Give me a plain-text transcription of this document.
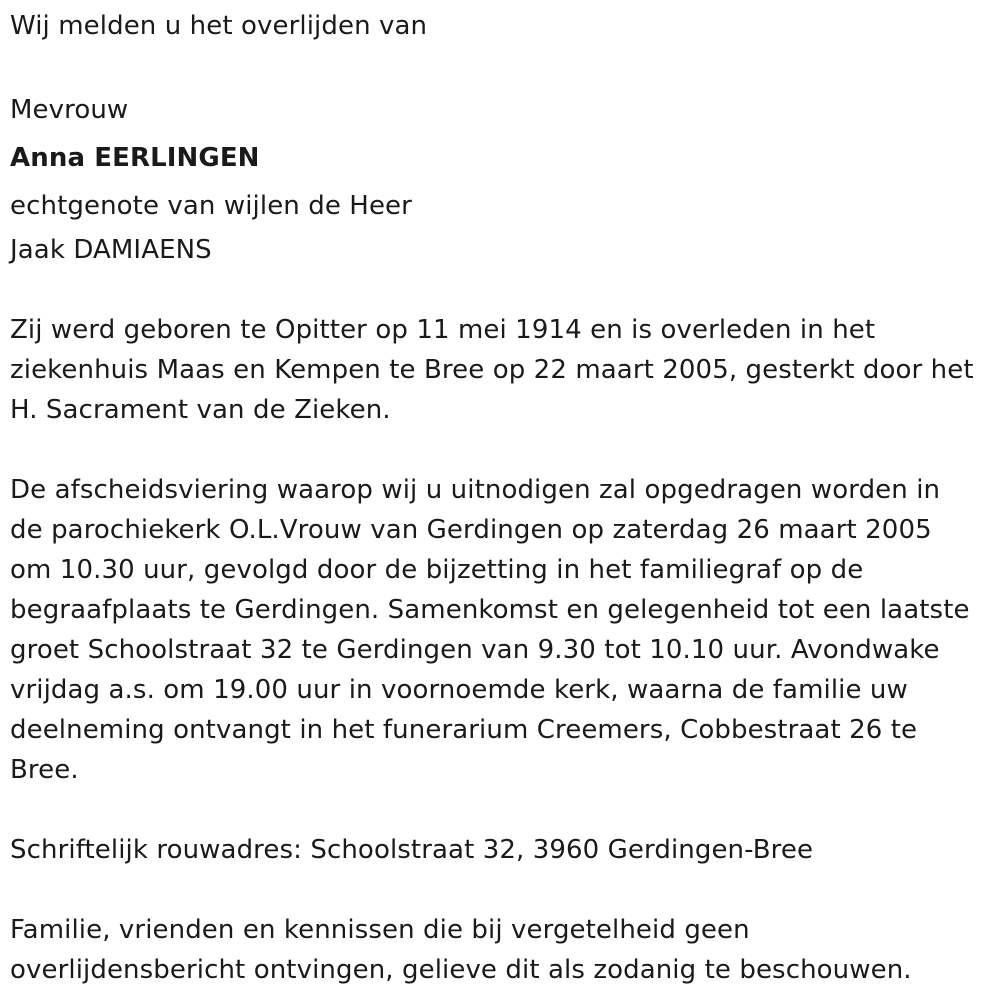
Wij melden u het overlijden van
Mevrouw
Anna EERLINGEN
echtgenote van wijlen de Heer
Jaak DAMIAENS
Zij werd geboren te Opitter op 11 mei 1914 en is overleden in het
ziekenhuis Maas en Kempen te Bree op 22 maart 2005, gesterkt door het
H. Sacrament van de Zieken.
De afscheidsviering waarop wij u uitnodigen zal opgedragen worden in
de parochiekerk O.L.Vrouw van Gerdingen op zaterdag 26 maart 2005
om 10.30 uur, gevolgd door de bijzetting in het familiegraf op de
begraafplaats te Gerdingen. Samenkomst en gelegenheid tot een laatste
groet Schoolstraat 32 te Gerdingen van 9.30 tot 10.10 uur. Avondwake
vrijdag a.s. om 19.00 uur in voornoemde kerk, waarna de familie uw
deelneming ontvangt in het funerarium Creemers, Cobbestraat 26 te
Bree.
Schriftelijk rouwadres: Schoolstraat 32, 3960 Gerdingen-Bree
Familie, vrienden en kennissen die bij vergetelheid geen
overlijdensbericht ontvingen, gelieve dit als zodanig te beschouwen.
